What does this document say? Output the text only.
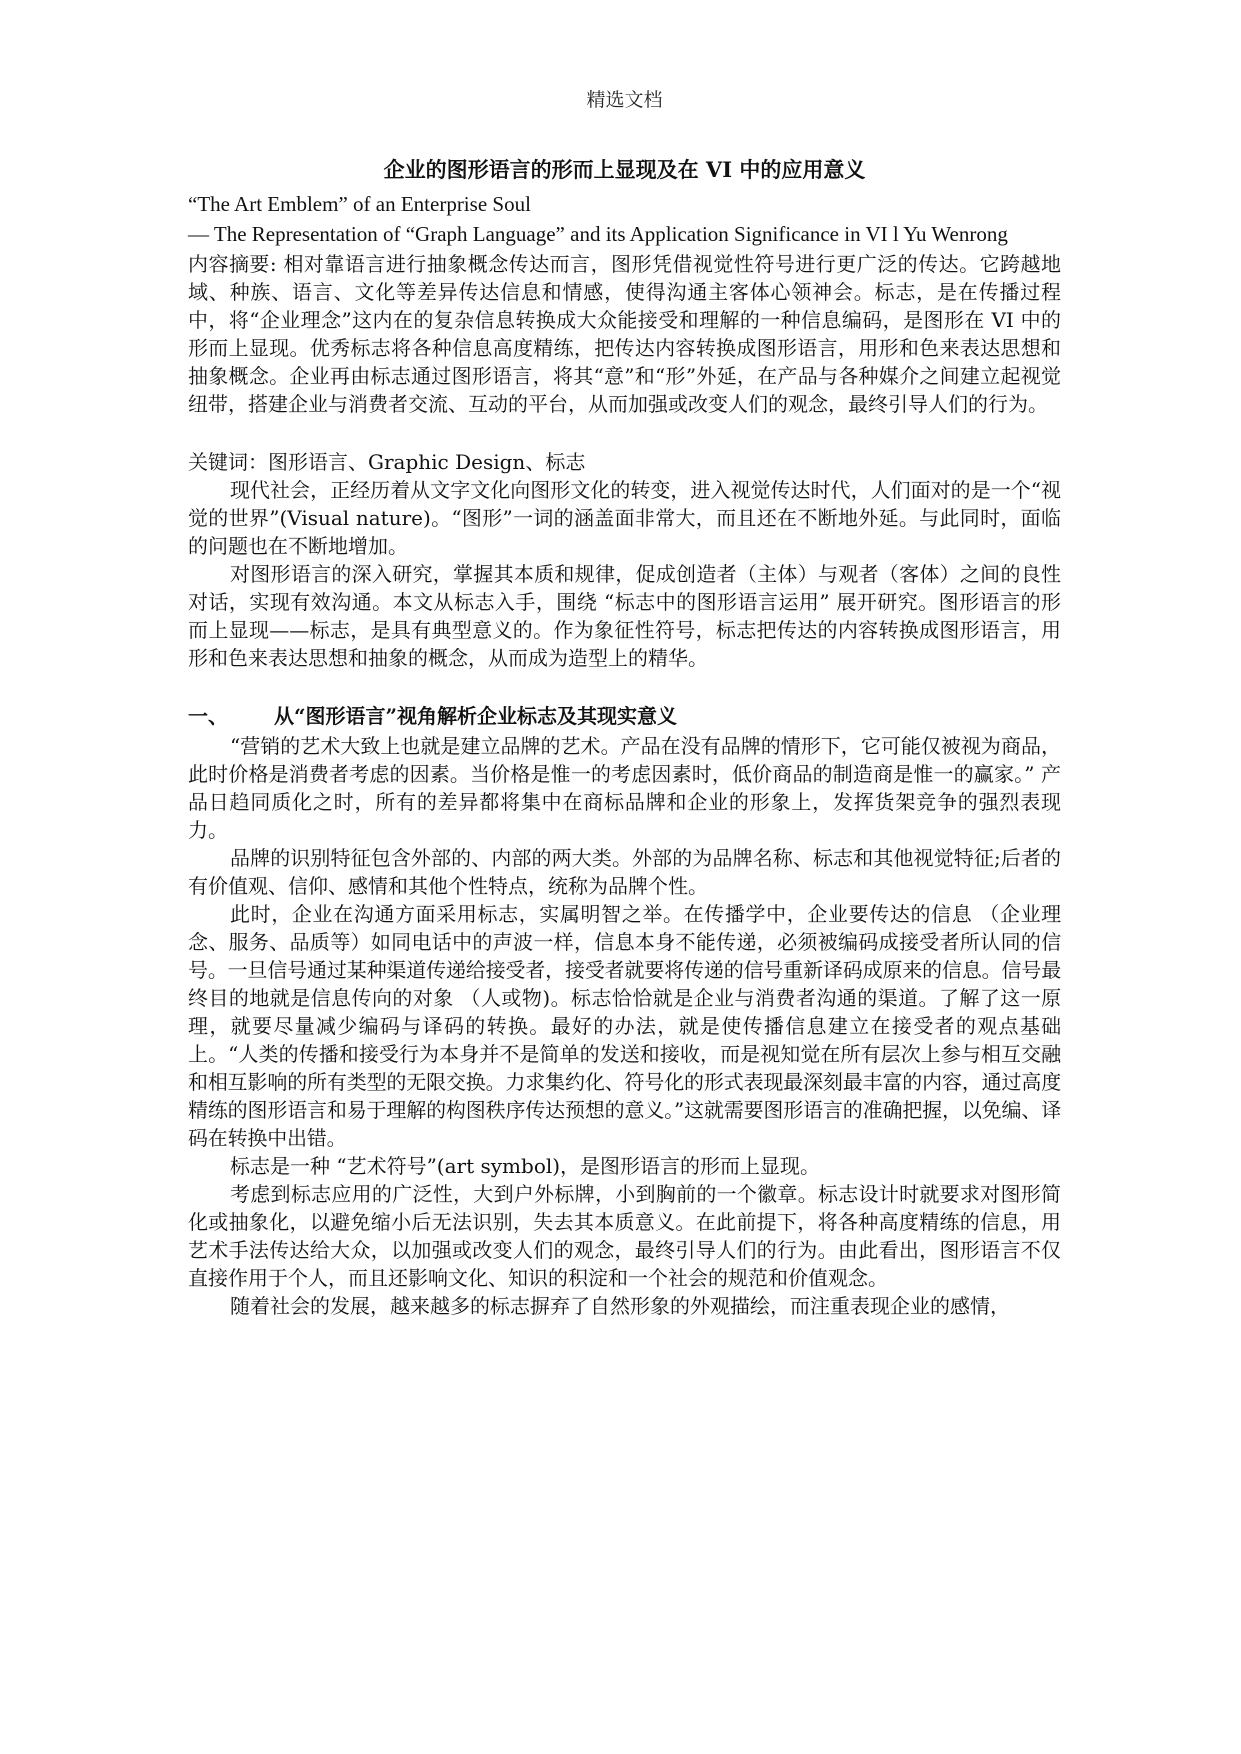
精选文档
企业的图形语言的形而上显现及在 VI 中的应用意义
“The Art Emblem” of an Enterprise Soul
— The Representation of “Graph Language” and its Application Significance in VI l Yu Wenrong

内容摘要: 相对靠语言进行抽象概念传达而言，图形凭借视觉性符号进行更广泛的传达。它跨越地域、种族、语言、文化等差异传达信息和情感，使得沟通主客体心领神会。标志，是在传播过程中，将“企业理念”这内在的复杂信息转换成大众能接受和理解的一种信息编码，是图形在 VI 中的形而上显现。优秀标志将各种信息高度精练，把传达内容转换成图形语言，用形和色来表达思想和抽象概念。企业再由标志通过图形语言，将其“意”和“形”外延，在产品与各种媒介之间建立起视觉纽带，搭建企业与消费者交流、互动的平台，从而加强或改变人们的观念，最终引导人们的行为。

关键词：图形语言、Graphic Design、标志

现代社会，正经历着从文字文化向图形文化的转变，进入视觉传达时代，人们面对的是一个“视觉的世界”(Visual nature)。“图形”一词的涵盖面非常大，而且还在不断地外延。与此同时，面临的问题也在不断地增加。

对图形语言的深入研究，掌握其本质和规律，促成创造者（主体）与观者（客体）之间的良性对话，实现有效沟通。本文从标志入手，围绕 “标志中的图形语言运用” 展开研究。图形语言的形而上显现——标志，是具有典型意义的。作为象征性符号，标志把传达的内容转换成图形语言，用形和色来表达思想和抽象的概念，从而成为造型上的精华。

一、	从“图形语言”视角解析企业标志及其现实意义

“营销的艺术大致上也就是建立品牌的艺术。产品在没有品牌的情形下，它可能仅被视为商品，此时价格是消费者考虑的因素。当价格是惟一的考虑因素时，低价商品的制造商是惟一的赢家。” 产品日趋同质化之时，所有的差异都将集中在商标品牌和企业的形象上，发挥货架竞争的强烈表现力。

品牌的识别特征包含外部的、内部的两大类。外部的为品牌名称、标志和其他视觉特征;后者的有价值观、信仰、感情和其他个性特点，统称为品牌个性。

此时，企业在沟通方面采用标志，实属明智之举。在传播学中，企业要传达的信息 （企业理念、服务、品质等）如同电话中的声波一样，信息本身不能传递，必须被编码成接受者所认同的信号。一旦信号通过某种渠道传递给接受者，接受者就要将传递的信号重新译码成原来的信息。信号最终目的地就是信息传向的对象 （人或物)。标志恰恰就是企业与消费者沟通的渠道。了解了这一原理，就要尽量减少编码与译码的转换。最好的办法，就是使传播信息建立在接受者的观点基础上。“人类的传播和接受行为本身并不是简单的发送和接收，而是视知觉在所有层次上参与相互交融和相互影响的所有类型的无限交换。力求集约化、符号化的形式表现最深刻最丰富的内容，通过高度精练的图形语言和易于理解的构图秩序传达预想的意义。”这就需要图形语言的准确把握，以免编、译码在转换中出错。

标志是一种 “艺术符号”(art symbol)，是图形语言的形而上显现。

考虑到标志应用的广泛性，大到户外标牌，小到胸前的一个徽章。标志设计时就要求对图形简化或抽象化，以避免缩小后无法识别，失去其本质意义。在此前提下，将各种高度精练的信息，用艺术手法传达给大众，以加强或改变人们的观念，最终引导人们的行为。由此看出，图形语言不仅直接作用于个人，而且还影响文化、知识的积淀和一个社会的规范和价值观念。

随着社会的发展，越来越多的标志摒弃了自然形象的外观描绘，而注重表现企业的感情，
